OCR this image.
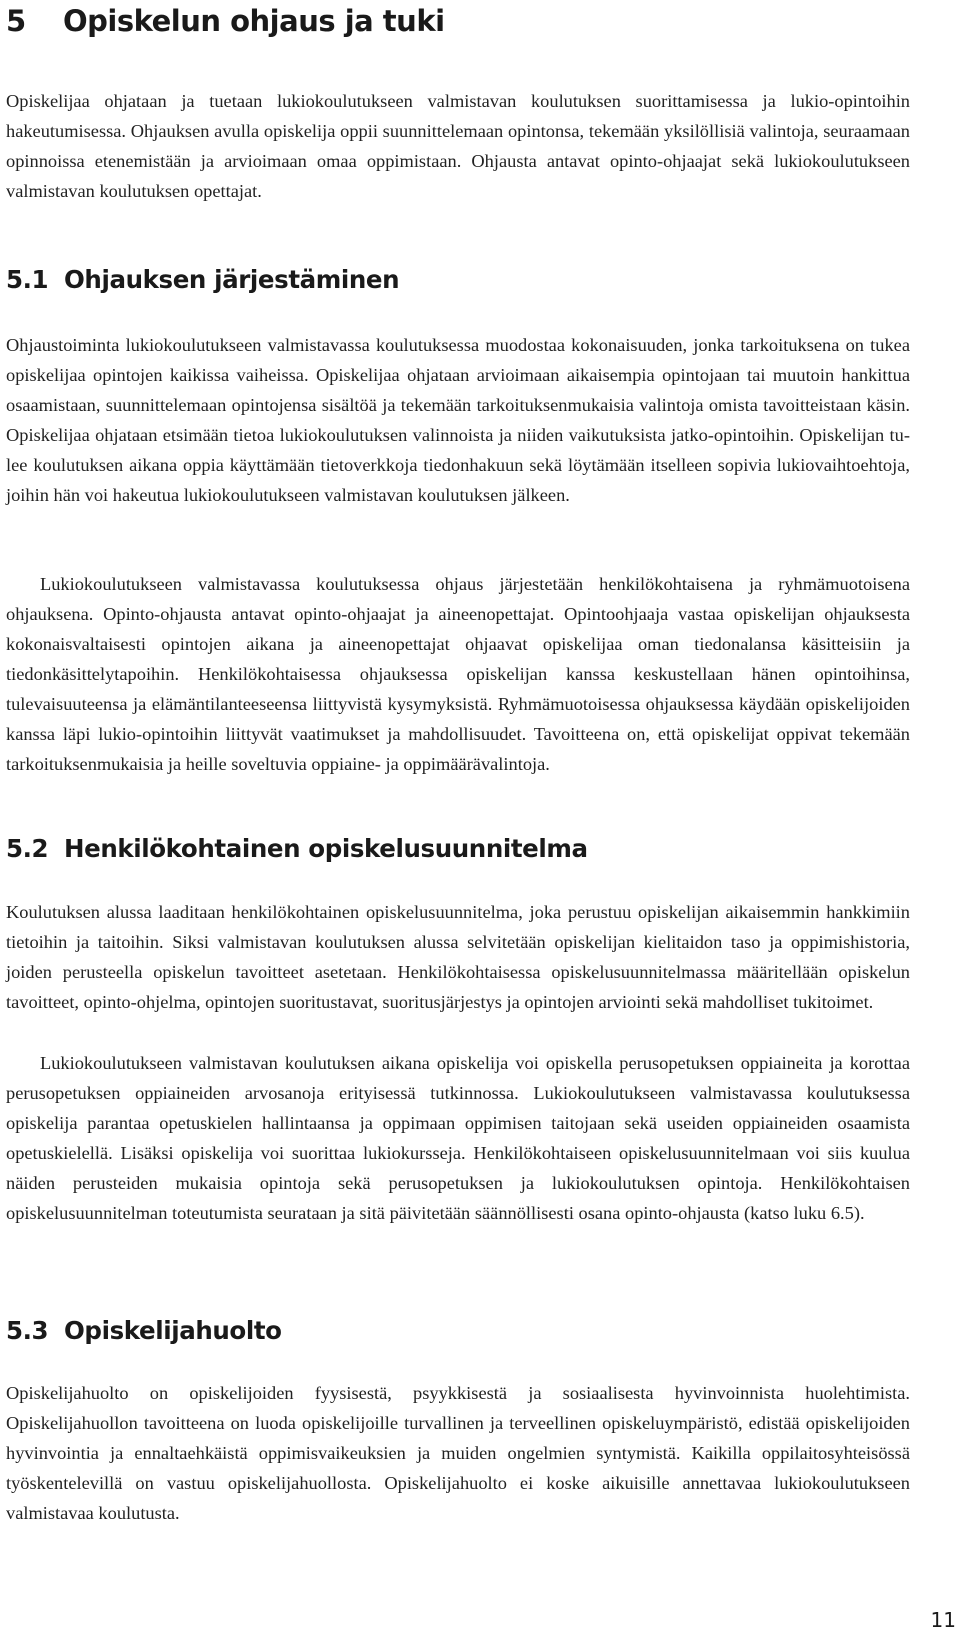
5 Opiskelun ohjaus ja tuki

Opiskelijaa ohjataan ja tuetaan lukiokoulutukseen valmistavan koulutuksen suorittamisessa ja lukio-opintoihin hakeutumisessa. Ohjauksen avulla opiskelija oppii suunnittelemaan opintonsa, tekemään yksilöllisiä valintoja, seuraamaan opinnoissa etenemistään ja arvioimaan omaa oppimistaan. Ohjausta antavat opinto-ohjaajat sekä lukiokoulutukseen valmistavan koulutuksen opettajat.

5.1 Ohjauksen järjestäminen

Ohjaustoiminta lukiokoulutukseen valmistavassa koulutuksessa muodostaa kokonaisuuden, jonka tarkoituksena on tukea opiskelijaa opintojen kaikissa vaiheissa. Opiskelijaa ohjataan arvioimaan aikaisempia opintojaan tai muutoin hankittua osaamistaan, suunnittelemaan opintojensa sisältöä ja tekemään tarkoituksenmukaisia valintoja omista tavoitteistaan käsin. Opiskelijaa ohjataan etsimään tietoa lukiokoulutuksen valinnoista ja niiden vaikutuksista jatko-opintoihin. Opiskelijan tulee koulutuksen aikana oppia käyttämään tietoverkkoja tiedonhakuun sekä löytämään itselleen sopivia lukiovaihtoehtoja, joihin hän voi hakeutua lukiokoulutukseen valmistavan koulutuksen jälkeen.

Lukiokoulutukseen valmistavassa koulutuksessa ohjaus järjestetään henkilökohtaisena ja ryhmämuotoisena ohjauksena. Opinto-ohjausta antavat opinto-ohjaajat ja aineenopettajat. Opintoohjaaja vastaa opiskelijan ohjauksesta kokonaisvaltaisesti opintojen aikana ja aineenopettajat ohjaavat opiskelijaa oman tiedonalansa käsitteisiin ja tiedonkäsittelytapoihin. Henkilökohtaisessa ohjauksessa opiskelijan kanssa keskustellaan hänen opintoihinsa, tulevaisuuteensa ja elämäntilanteeseensa liittyvistä kysymyksistä. Ryhmämuotoisessa ohjauksessa käydään opiskelijoiden kanssa läpi lukio-opintoihin liittyvät vaatimukset ja mahdollisuudet. Tavoitteena on, että opiskelijat oppivat tekemään tarkoituksenmukaisia ja heille soveltuvia oppiaine- ja oppimäärävalintoja.

5.2 Henkilökohtainen opiskelusuunnitelma

Koulutuksen alussa laaditaan henkilökohtainen opiskelusuunnitelma, joka perustuu opiskelijan aikaisemmin hankkimiin tietoihin ja taitoihin. Siksi valmistavan koulutuksen alussa selvitetään opiskelijan kielitaidon taso ja oppimishistoria, joiden perusteella opiskelun tavoitteet asetetaan. Henkilökohtaisessa opiskelusuunnitelmassa määritellään opiskelun tavoitteet, opinto-ohjelma, opintojen suoritustavat, suoritusjärjestys ja opintojen arviointi sekä mahdolliset tukitoimet.

Lukiokoulutukseen valmistavan koulutuksen aikana opiskelija voi opiskella perusopetuksen oppiaineita ja korottaa perusopetuksen oppiaineiden arvosanoja erityisessä tutkinnossa. Lukiokoulutukseen valmistavassa koulutuksessa opiskelija parantaa opetuskielen hallintaansa ja oppimaan oppimisen taitojaan sekä useiden oppiaineiden osaamista opetuskielellä. Lisäksi opiskelija voi suorittaa lukiokursseja. Henkilökohtaiseen opiskelusuunnitelmaan voi siis kuulua näiden perusteiden mukaisia opintoja sekä perusopetuksen ja lukiokoulutuksen opintoja. Henkilökohtaisen opiskelusuunnitelman toteutumista seurataan ja sitä päivitetään säännöllisesti osana opinto-ohjausta (katso luku 6.5).

5.3 Opiskelijahuolto

Opiskelijahuolto on opiskelijoiden fyysisestä, psyykkisestä ja sosiaalisesta hyvinvoinnista huolehtimista. Opiskelijahuollon tavoitteena on luoda opiskelijoille turvallinen ja terveellinen opiskeluympäristö, edistää opiskelijoiden hyvinvointia ja ennaltaehkäistä oppimisvaikeuksien ja muiden ongelmien syntymistä. Kaikilla oppilaitosyhteisössä työskentelevillä on vastuu opiskelijahuollosta. Opiskelijahuolto ei koske aikuisille annettavaa lukiokoulutukseen valmistavaa koulutusta.

11
